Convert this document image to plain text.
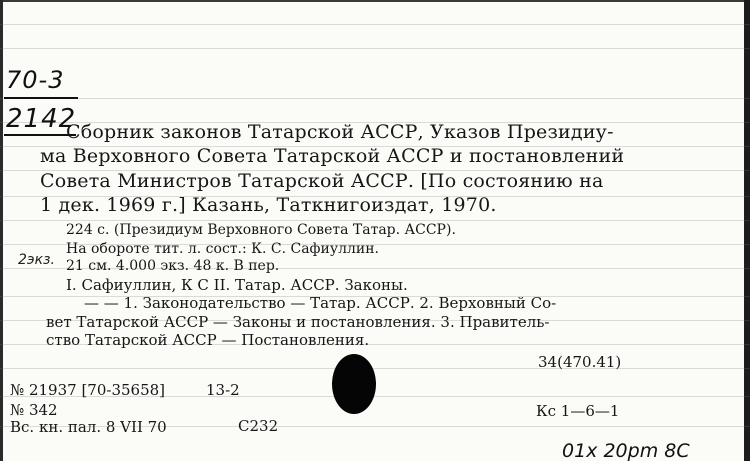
70-3
2142
Сборник законов Татарской АССР, Указов Президиу-
ма Верховного Совета Татарской АССР и постановлений
Совета Министров Татарской АССР. [По состоянию на
1 дек. 1969 г.] Казань, Таткнигоиздат, 1970.
224 с. (Президиум Верховного Совета Татар. АССР).
На обороте тит. л. сост.: К. С. Сафиуллин.
2экз. 21 см. 4.000 экз. 48 к. В пер.
I. Сафиуллин, К С II. Татар. АССР. Законы.
— — 1. Законодательство — Татар. АССР. 2. Верховный Со-
вет Татарской АССР — Законы и постановления. 3. Правитель-
ство Татарской АССР — Постановления.
34(470.41)
№ 21937 [70-35658]	13-2
№ 342
Вс. кн. пал. 8 VII 70	С232
Кс 1—6—1
01x 20pm 8С
